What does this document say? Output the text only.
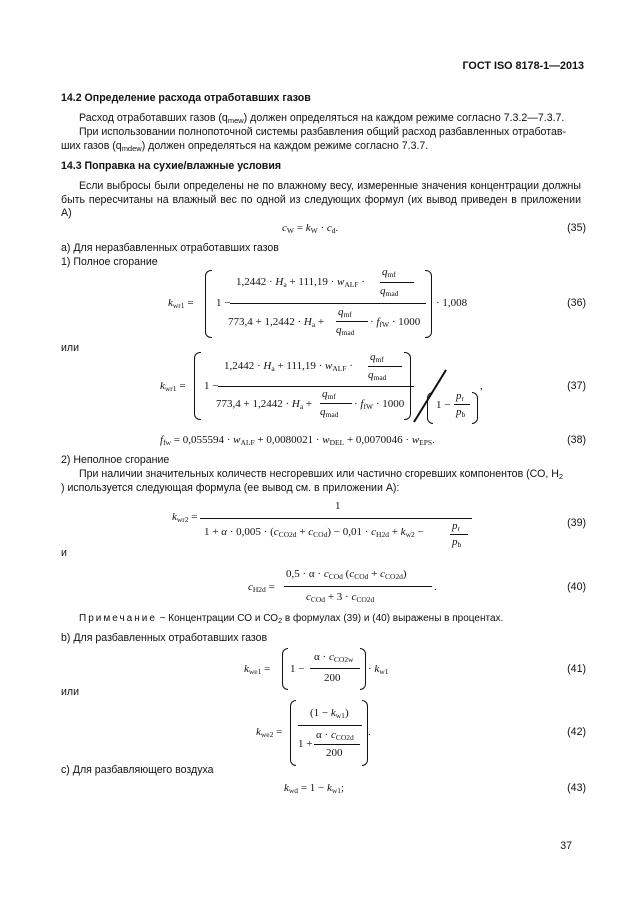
ГОСТ ISO 8178-1—2013
14.2 Определение расхода отработавших газов
Расход отработавших газов $(q_{mew})$ должен определяться на каждом режиме согласно 7.3.2—7.3.7.
При использовании полнопоточной системы разбавления общий расход разбавленных отработав-
ших газов $(q_{mdew})$ должен определяться на каждом режиме согласно 7.3.7.
14.3 Поправка на сухие/влажные условия
Если выбросы были определены не по влажному весу, измеренные значения концентрации должны быть пересчитаны на влажный вес по одной из следующих формул (их вывод приведен в приложении А)
$c_W = k_W \cdot c_d$.	(35)
а) Для неразбавленных отработавших газов
1) Полное сгорание
$k_{wr1} = 1$ −
$1,2442 \cdot H_a + 111,19 \cdot w_{ALF}$ ·
$q_{mf}$
$q_{mad}$
$773,4 + 1,2442 \cdot H_a$ +
$q_{mf}$
$q_{mad}$
· $f_{fW} \cdot 1000$
· 1,008	(36)
или
$k_{wr1} = 1$ −
$1,2442 \cdot H_a + 111,19 \cdot w_{ALF}$ ·
$q_{mf}$
$q_{mad}$
$773,4 + 1,2442 \cdot H_a$ +
$q_{mf}$
$q_{mad}$
· $f_{fW} \cdot 1000$	1 −
$p_r$
$p_b$
,	(37)
$f_{fw} = 0,055594 \cdot w_{ALF} + 0,0080021 \cdot w_{DEL} + 0,0070046 \cdot w_{EPS}$.	(38)
2) Неполное сгорание
При наличии значительных количеств несгоревших или частично сгоревших компонентов (СО, $Н_2$
) используется следующая формула (ее вывод см. в приложении А):
$k_{wr2}$ =
1
$1 + \alpha \cdot 0,005 \cdot (c_{CO2d} + c_{COd}) - 0,01 \cdot c_{H2d} + k_{w2}$ −	$p_r$
$p_b$
(39)
и
$c_{H2d}$ =
$0,5 \cdot \alpha \cdot c_{COd}$ $(c_{COd} + c_{CO2d})$
$c_{COd} + 3 \cdot c_{CO2d}$
.	(40)
Примечание − Концентрации СО и $СО_2$ в формулах (39) и (40) выражены в процентах.
b) Для разбавленных отработавших газов
$k_{we1} = 1$ −
$\alpha \cdot c_{CO2w}$
200
· $k_{w1}$	(41)
или
$k_{we2}$ =
$(1 - k_{w1})$
1 +
$\alpha \cdot c_{CO2d}$
200
.	(42)
c) Для разбавляющего воздуха
$k_{wd} = 1 - k_{w1}$;	(43)
37
